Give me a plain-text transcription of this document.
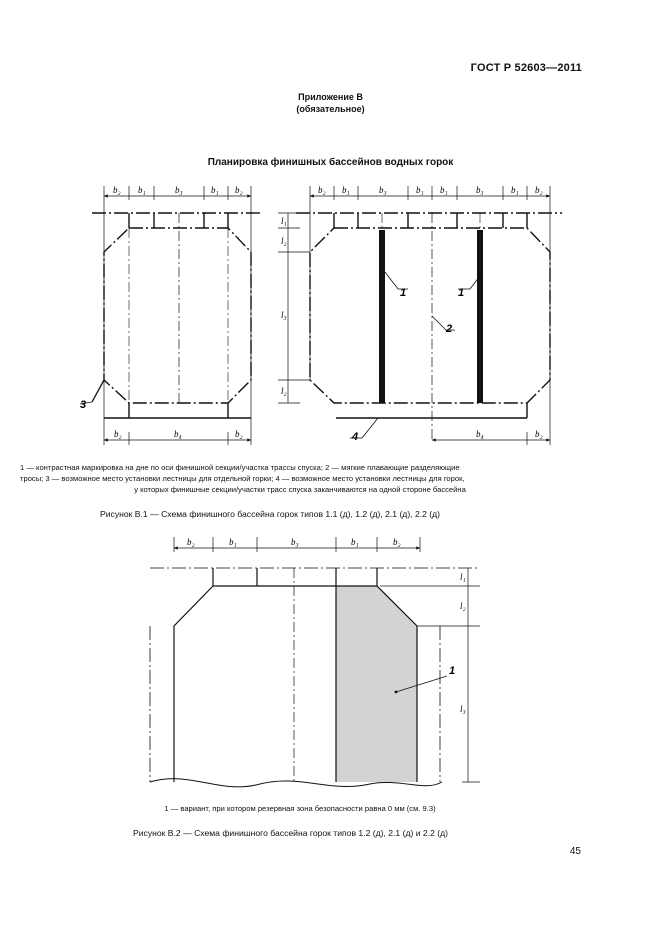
ГОСТ Р 52603—2011
Приложение В
(обязательное)
Планировка финишных бассейнов водных горок
b₂ b₁	b₃	b₁ b₂
b₂	b₄	b₂
3
b₂ b₁	b₃	b₁ b₁	b₃	b₁ b₂
l₁
l₂
l₃
l₂
b₄	b₂
1	1
2
4
b₂	b₁	b₃	b₁	b₂
l₁
l₂
l₃
1
1 — контрастная маркировка на дне по оси финишной секции/участка трассы спуска; 2 — мягкие плавающие разделяющие
тросы; 3 — возможное место установки лестницы для отдельной горки; 4 — возможное место установки лестницы для горок,
у которых финишные секции/участки трасс спуска заканчиваются на одной стороне бассейна
Рисунок В.1 — Схема финишного бассейна горок типов 1.1 (д), 1.2 (д), 2.1 (д), 2.2 (д)
1 — вариант, при котором резервная зона безопасности равна 0 мм (см. 9.3)
Рисунок В.2 — Схема финишного бассейна горок типов 1.2 (д), 2.1 (д) и 2.2 (д)
45
